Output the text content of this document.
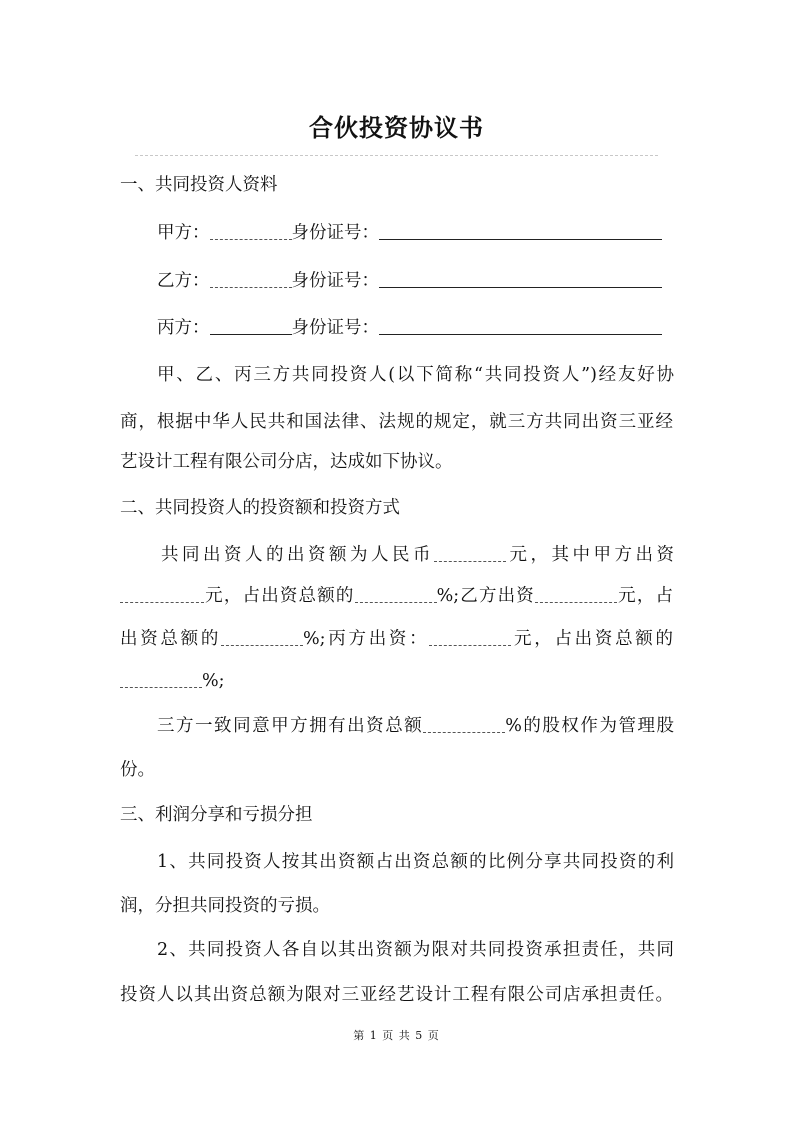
合伙投资协议书
一、共同投资人资料
甲方：	身份证号：
乙方：	身份证号：
丙方：	身份证号：
甲、乙、丙三方共同投资人(以下简称“共同投资人”)经友好协
商，根据中华人民共和国法律、法规的规定，就三方共同出资三亚经
艺设计工程有限公司分店，达成如下协议。
二、共同投资人的投资额和投资方式
共同出资人的出资额为人民币	元，其中甲方出资
元，占出资总额的	%;乙方出资	元，占
出资总额的	%;丙方出资：	元，占出资总额的
%;
三方一致同意甲方拥有出资总额	%的股权作为管理股
份。
三、利润分享和亏损分担
1、共同投资人按其出资额占出资总额的比例分享共同投资的利
润，分担共同投资的亏损。
2、共同投资人各自以其出资额为限对共同投资承担责任，共同
投资人以其出资总额为限对三亚经艺设计工程有限公司店承担责任。
第 1 页 共 5 页
